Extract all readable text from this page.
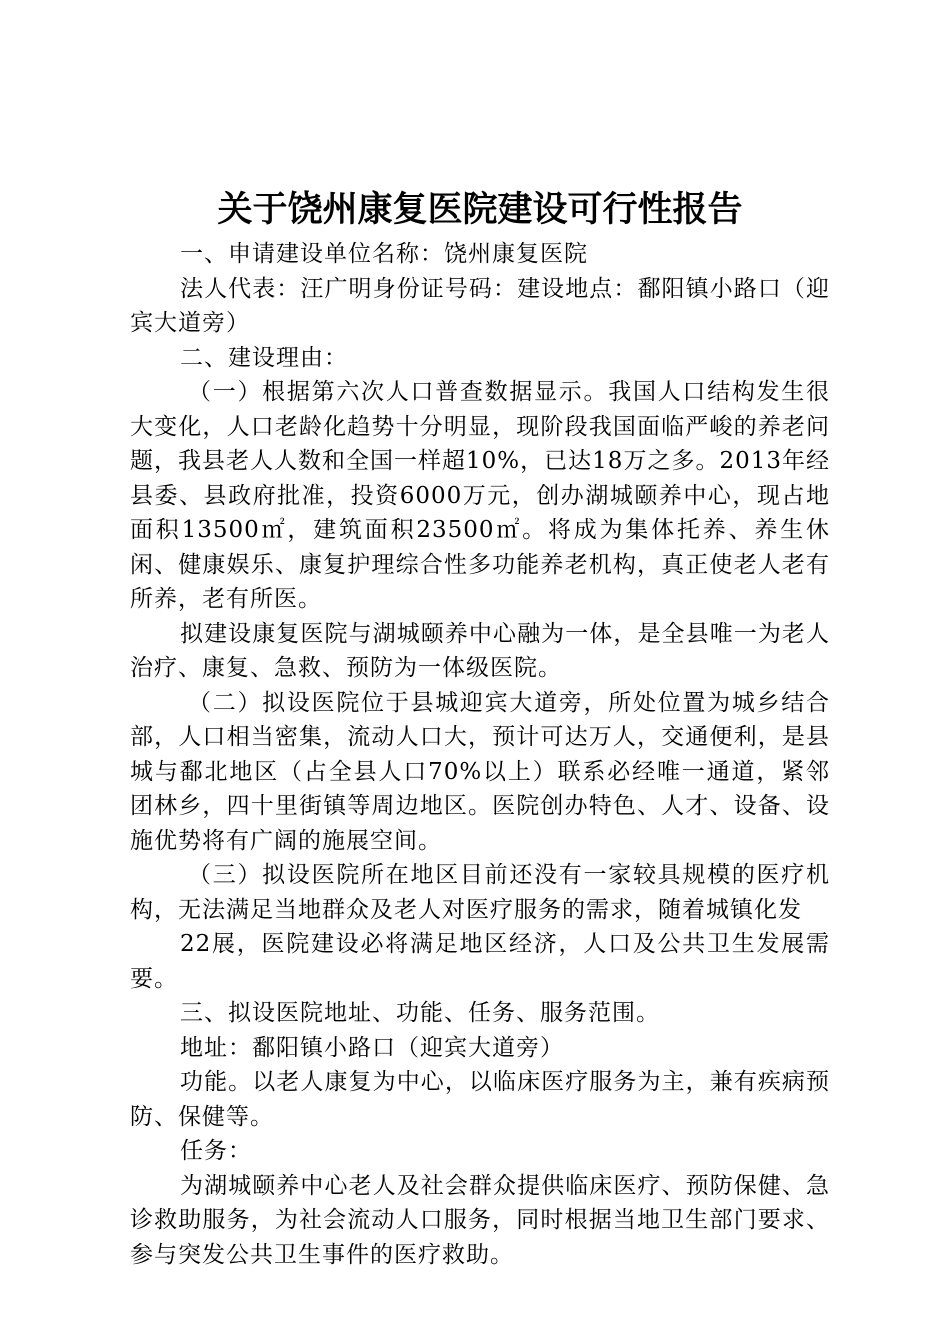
关于饶州康复医院建设可行性报告

一、申请建设单位名称：饶州康复医院

法人代表：汪广明身份证号码：建设地点：鄱阳镇小路口（迎宾大道旁）

二、建设理由：

（一）根据第六次人口普查数据显示。我国人口结构发生很大变化，人口老龄化趋势十分明显，现阶段我国面临严峻的养老问题，我县老人人数和全国一样超10%，已达18万之多。2013年经县委、县政府批准，投资6000万元，创办湖城颐养中心，现占地面积13500㎡，建筑面积23500㎡。将成为集体托养、养生休闲、健康娱乐、康复护理综合性多功能养老机构，真正使老人老有所养，老有所医。

拟建设康复医院与湖城颐养中心融为一体，是全县唯一为老人治疗、康复、急救、预防为一体级医院。

（二）拟设医院位于县城迎宾大道旁，所处位置为城乡结合部，人口相当密集，流动人口大，预计可达万人，交通便利，是县城与鄱北地区（占全县人口70%以上）联系必经唯一通道，紧邻团林乡，四十里街镇等周边地区。医院创办特色、人才、设备、设施优势将有广阔的施展空间。

（三）拟设医院所在地区目前还没有一家较具规模的医疗机构，无法满足当地群众及老人对医疗服务的需求，随着城镇化发

22展，医院建设必将满足地区经济，人口及公共卫生发展需要。

三、拟设医院地址、功能、任务、服务范围。

地址：鄱阳镇小路口（迎宾大道旁）

功能。以老人康复为中心，以临床医疗服务为主，兼有疾病预防、保健等。

任务：

为湖城颐养中心老人及社会群众提供临床医疗、预防保健、急诊救助服务，为社会流动人口服务，同时根据当地卫生部门要求、参与突发公共卫生事件的医疗救助。
